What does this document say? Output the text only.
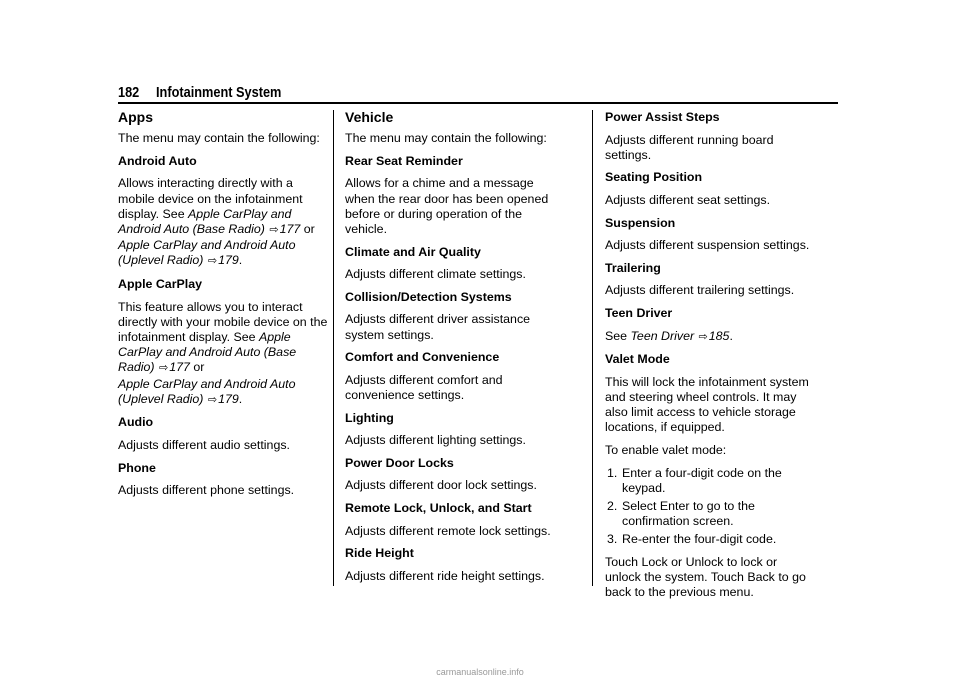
182 Infotainment System
Apps
The menu may contain the following:
Android Auto
Allows interacting directly with a mobile device on the infotainment display. See Apple CarPlay and Android Auto (Base Radio) ⇨177 or
Apple CarPlay and Android Auto (Uplevel Radio) ⇨179.
Apple CarPlay
This feature allows you to interact directly with your mobile device on the infotainment display. See Apple CarPlay and Android Auto (Base Radio) ⇨177 or
Apple CarPlay and Android Auto (Uplevel Radio) ⇨179.
Audio
Adjusts different audio settings.
Phone
Adjusts different phone settings.
Vehicle
The menu may contain the following:
Rear Seat Reminder
Allows for a chime and a message when the rear door has been opened before or during operation of the vehicle.
Climate and Air Quality
Adjusts different climate settings.
Collision/Detection Systems
Adjusts different driver assistance system settings.
Comfort and Convenience
Adjusts different comfort and convenience settings.
Lighting
Adjusts different lighting settings.
Power Door Locks
Adjusts different door lock settings.
Remote Lock, Unlock, and Start
Adjusts different remote lock settings.
Ride Height
Adjusts different ride height settings.
Power Assist Steps
Adjusts different running board settings.
Seating Position
Adjusts different seat settings.
Suspension
Adjusts different suspension settings.
Trailering
Adjusts different trailering settings.
Teen Driver
See Teen Driver ⇨185.
Valet Mode
This will lock the infotainment system and steering wheel controls. It may also limit access to vehicle storage locations, if equipped.
To enable valet mode:
1. Enter a four-digit code on the keypad.
2. Select Enter to go to the confirmation screen.
3. Re-enter the four-digit code.
Touch Lock or Unlock to lock or unlock the system. Touch Back to go back to the previous menu.
carmanualsonline.info
